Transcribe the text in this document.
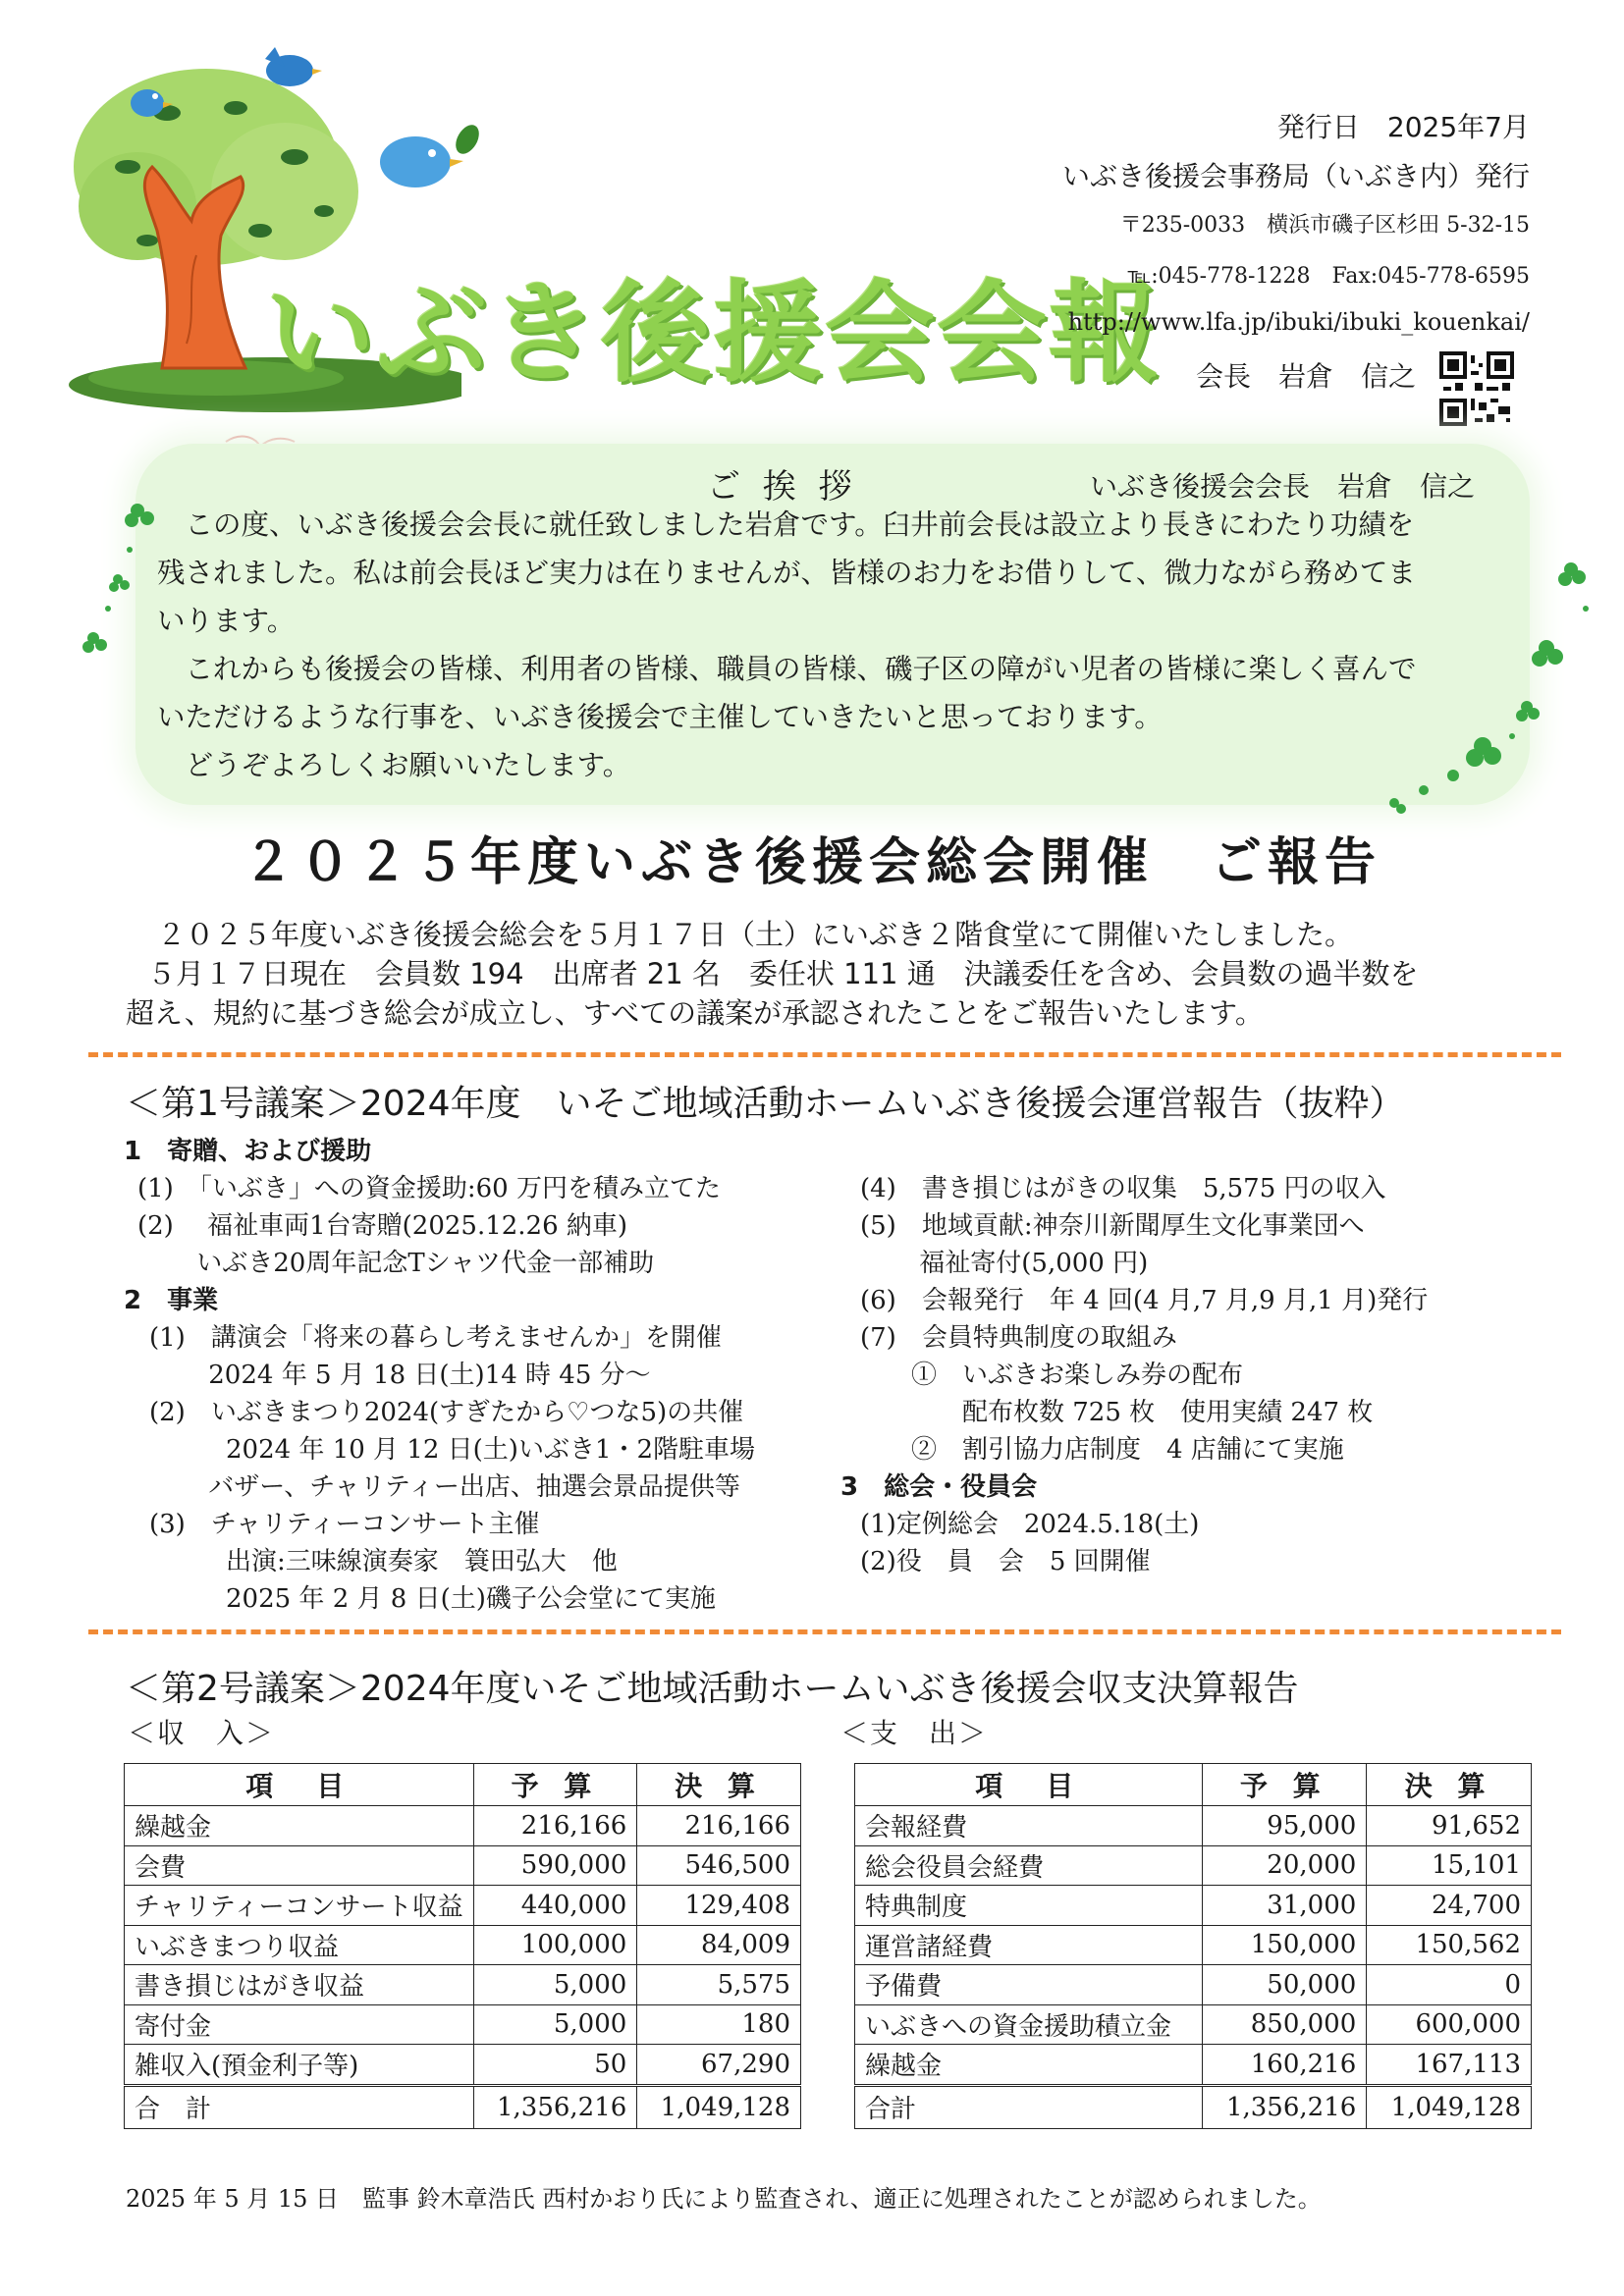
いぶき後援会会報
発行日　2025年7月
いぶき後援会事務局（いぶき内）発行
〒235-0033　横浜市磯子区杉田 5-32-15
℡:045-778-1228　Fax:045-778-6595
http://www.lfa.jp/ibuki/ibuki_kouenkai/
会長　岩倉　信之
ご 挨 拶	いぶき後援会会長　岩倉　信之
　この度、いぶき後援会会長に就任致しました岩倉です。臼井前会長は設立より長きにわたり功績を
残されました。私は前会長ほど実力は在りませんが、皆様のお力をお借りして、微力ながら務めてま
いります。
　これからも後援会の皆様、利用者の皆様、職員の皆様、磯子区の障がい児者の皆様に楽しく喜んで
いただけるような行事を、いぶき後援会で主催していきたいと思っております。
　どうぞよろしくお願いいたします。
２０２５年度いぶき後援会総会開催　ご報告
２０２５年度いぶき後援会総会を５月１７日（土）にいぶき２階食堂にて開催いたしました。
５月１７日現在　会員数 194　出席者 21 名　委任状 111 通　決議委任を含め、会員数の過半数を
超え、規約に基づき総会が成立し、すべての議案が承認されたことをご報告いたします。
＜第1号議案＞2024年度　いそご地域活動ホームいぶき後援会運営報告（抜粋）
1　寄贈、および援助
(1)　「いぶき」への資金援助:60 万円を積み立てた
(2)　 福祉車両1台寄贈(2025.12.26 納車)
　　 いぶき20周年記念Tシャツ代金一部補助
2　事業
(1)　講演会「将来の暮らし考えませんか」を開催
　　 2024 年 5 月 18 日(土)14 時 45 分～
(2)　いぶきまつり2024(すぎたから♡つな5)の共催
　　　2024 年 10 月 12 日(土)いぶき1・2階駐車場
　　 バザー、チャリティー出店、抽選会景品提供等
(3)　チャリティーコンサート主催
　　　出演:三味線演奏家　簑田弘大　他
　　　2025 年 2 月 8 日(土)磯子公会堂にて実施
(4)　書き損じはがきの収集　5,575 円の収入
(5)　地域貢献:神奈川新聞厚生文化事業団へ
　　 福祉寄付(5,000 円)
(6)　会報発行　年 4 回(4 月,7 月,9 月,1 月)発行
(7)　会員特典制度の取組み
　　①　いぶきお楽しみ券の配布
　　　　配布枚数 725 枚　使用実績 247 枚
　　②　割引協力店制度　4 店舗にて実施
3　総会・役員会
(1)定例総会　2024.5.18(土)
(2)役　員　会　5 回開催
＜第2号議案＞2024年度いそご地域活動ホームいぶき後援会収支決算報告
＜収　入＞	＜支　出＞
項　目	予 算	決 算
繰越金	216,166	216,166
会費	590,000	546,500
チャリティーコンサート収益	440,000	129,408
いぶきまつり収益	100,000	84,009
書き損じはがき収益	5,000	5,575
寄付金	5,000	180
雑収入(預金利子等)	50	67,290
合　計	1,356,216	1,049,128
項　目	予 算	決 算
会報経費	95,000	91,652
総会役員会経費	20,000	15,101
特典制度	31,000	24,700
運営諸経費	150,000	150,562
予備費	50,000	0
いぶきへの資金援助積立金	850,000	600,000
繰越金	160,216	167,113
合計	1,356,216	1,049,128
2025 年 5 月 15 日　監事 鈴木章浩氏 西村かおり氏により監査され、適正に処理されたことが認められました。
